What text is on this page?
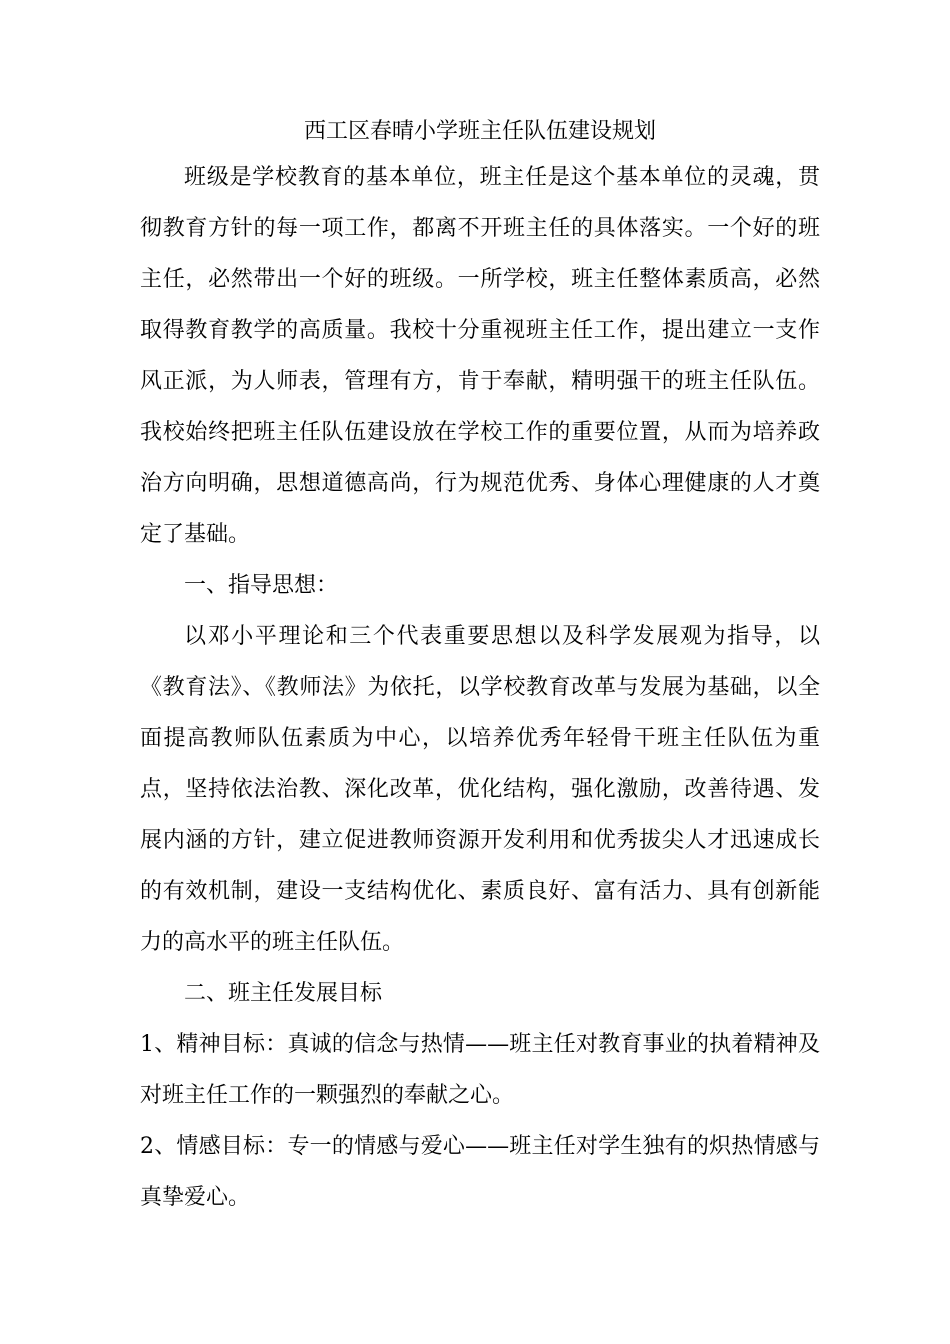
西工区春晴小学班主任队伍建设规划

班级是学校教育的基本单位，班主任是这个基本单位的灵魂，贯彻教育方针的每一项工作，都离不开班主任的具体落实。一个好的班主任，必然带出一个好的班级。一所学校，班主任整体素质高，必然取得教育教学的高质量。我校十分重视班主任工作，提出建立一支作风正派，为人师表，管理有方，肯于奉献，精明强干的班主任队伍。我校始终把班主任队伍建设放在学校工作的重要位置，从而为培养政治方向明确，思想道德高尚，行为规范优秀、身体心理健康的人才奠定了基础。

一、指导思想：

以邓小平理论和三个代表重要思想以及科学发展观为指导，以《教育法》、《教师法》为依托，以学校教育改革与发展为基础，以全面提高教师队伍素质为中心，以培养优秀年轻骨干班主任队伍为重点，坚持依法治教、深化改革，优化结构，强化激励，改善待遇、发展内涵的方针，建立促进教师资源开发利用和优秀拔尖人才迅速成长的有效机制，建设一支结构优化、素质良好、富有活力、具有创新能力的高水平的班主任队伍。

二、班主任发展目标

1、精神目标：真诚的信念与热情——班主任对教育事业的执着精神及对班主任工作的一颗强烈的奉献之心。

2、情感目标：专一的情感与爱心——班主任对学生独有的炽热情感与真挚爱心。
